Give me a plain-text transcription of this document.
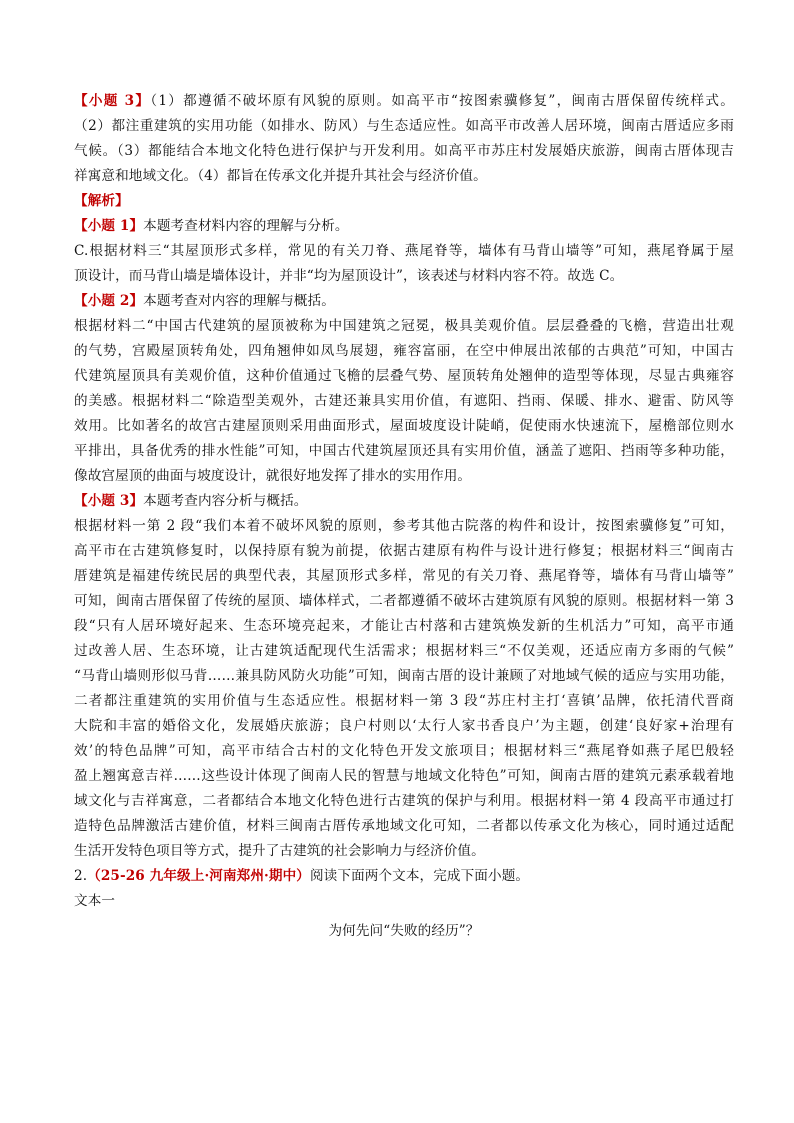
【小题 3】（1）都遵循不破坏原有风貌的原则。如高平市“按图索骥修复”，闽南古厝保留传统样式。
（2）都注重建筑的实用功能（如排水、防风）与生态适应性。如高平市改善人居环境，闽南古厝适应多雨
气候。（3）都能结合本地文化特色进行保护与开发利用。如高平市苏庄村发展婚庆旅游，闽南古厝体现吉
祥寓意和地域文化。（4）都旨在传承文化并提升其社会与经济价值。
【解析】
【小题 1】本题考查材料内容的理解与分析。
C.根据材料三“其屋顶形式多样，常见的有关刀脊、燕尾脊等，墙体有马背山墙等”可知，燕尾脊属于屋
顶设计，而马背山墙是墙体设计，并非“均为屋顶设计”，该表述与材料内容不符。故选 C。
【小题 2】本题考查对内容的理解与概括。
根据材料二“中国古代建筑的屋顶被称为中国建筑之冠冕，极具美观价值。层层叠叠的飞檐，营造出壮观
的气势，宫殿屋顶转角处，四角翘伸如凤鸟展翅，雍容富丽，在空中伸展出浓郁的古典范”可知，中国古
代建筑屋顶具有美观价值，这种价值通过飞檐的层叠气势、屋顶转角处翘伸的造型等体现，尽显古典雍容
的美感。根据材料二“除造型美观外，古建还兼具实用价值，有遮阳、挡雨、保暖、排水、避雷、防风等
效用。比如著名的故宫古建屋顶则采用曲面形式，屋面坡度设计陡峭，促使雨水快速流下，屋檐部位则水
平排出，具备优秀的排水性能”可知，中国古代建筑屋顶还具有实用价值，涵盖了遮阳、挡雨等多种功能，
像故宫屋顶的曲面与坡度设计，就很好地发挥了排水的实用作用。
【小题 3】本题考查内容分析与概括。
根据材料一第 2 段“我们本着不破坏风貌的原则，参考其他古院落的构件和设计，按图索骥修复”可知，
高平市在古建筑修复时，以保持原有貌为前提，依据古建原有构件与设计进行修复；根据材料三“闽南古
厝建筑是福建传统民居的典型代表，其屋顶形式多样，常见的有关刀脊、燕尾脊等，墙体有马背山墙等”
可知，闽南古厝保留了传统的屋顶、墙体样式，二者都遵循不破坏古建筑原有风貌的原则。根据材料一第 3
段“只有人居环境好起来、生态环境亮起来，才能让古村落和古建筑焕发新的生机活力”可知，高平市通
过改善人居、生态环境，让古建筑适配现代生活需求；根据材料三“不仅美观，还适应南方多雨的气候”
“马背山墙则形似马背……兼具防风防火功能”可知，闽南古厝的设计兼顾了对地域气候的适应与实用功能，
二者都注重建筑的实用价值与生态适应性。根据材料一第 3 段“苏庄村主打‘喜镇’品牌，依托清代晋商
大院和丰富的婚俗文化，发展婚庆旅游；良户村则以‘太行人家书香良户’为主题，创建‘良好家+治理有
效’的特色品牌”可知，高平市结合古村的文化特色开发文旅项目；根据材料三“燕尾脊如燕子尾巴般轻
盈上翘寓意吉祥……这些设计体现了闽南人民的智慧与地域文化特色”可知，闽南古厝的建筑元素承载着地
域文化与吉祥寓意，二者都结合本地文化特色进行古建筑的保护与利用。根据材料一第 4 段高平市通过打
造特色品牌激活古建价值，材料三闽南古厝传承地域文化可知，二者都以传承文化为核心，同时通过适配
生活开发特色项目等方式，提升了古建筑的社会影响力与经济价值。
2.（25-26 九年级上·河南郑州·期中）阅读下面两个文本，完成下面小题。
文本一
为何先问“失败的经历”？
